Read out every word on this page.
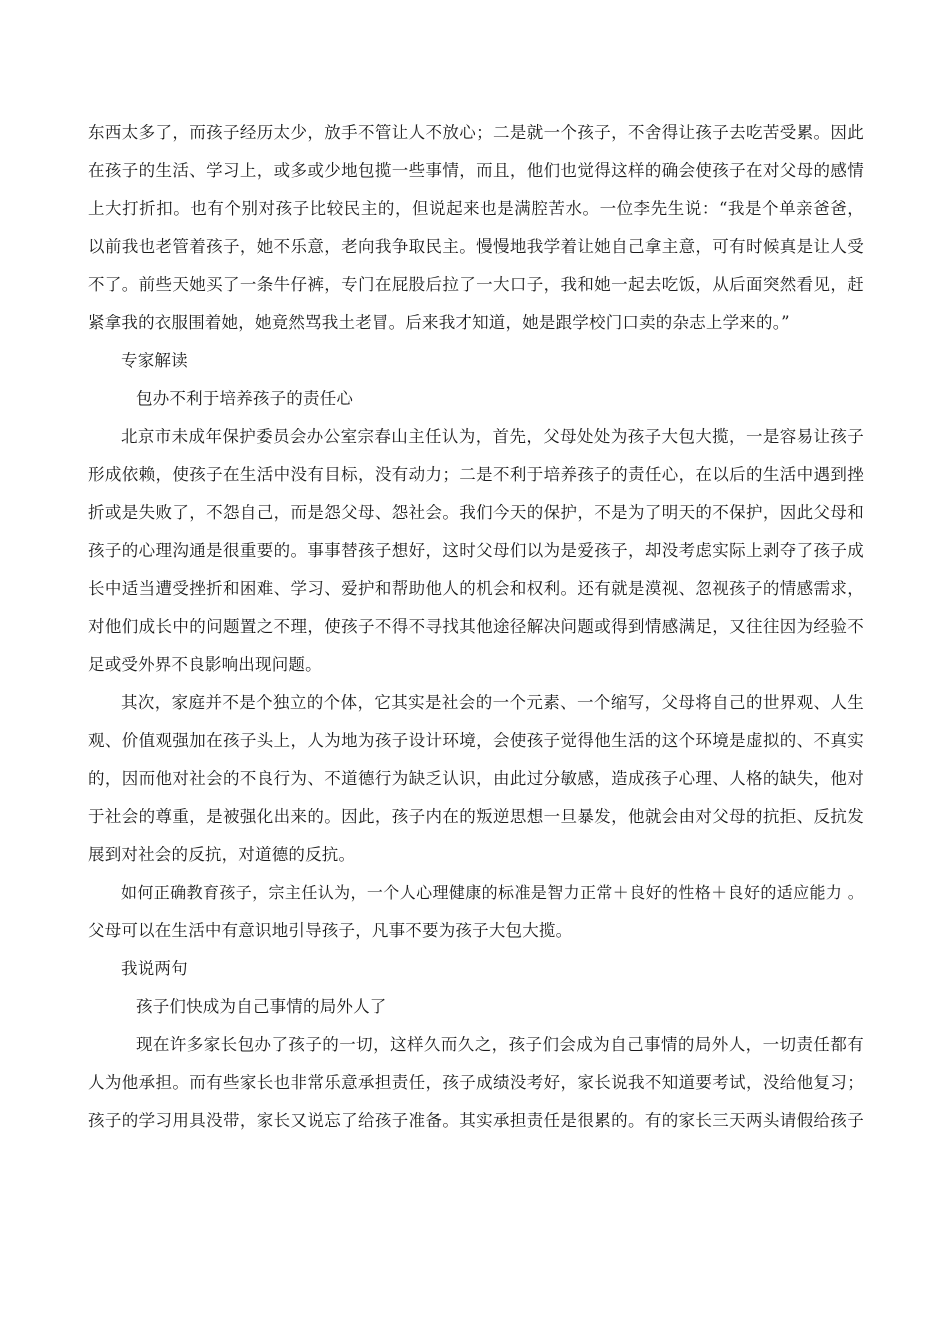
东西太多了，而孩子经历太少，放手不管让人不放心；二是就一个孩子，不舍得让孩子去吃苦受累。因此
在孩子的生活、学习上，或多或少地包揽一些事情，而且，他们也觉得这样的确会使孩子在对父母的感情
上大打折扣。也有个别对孩子比较民主的，但说起来也是满腔苦水。一位李先生说：“我是个单亲爸爸，
以前我也老管着孩子，她不乐意，老向我争取民主。慢慢地我学着让她自己拿主意，可有时候真是让人受
不了。前些天她买了一条牛仔裤，专门在屁股后拉了一大口子，我和她一起去吃饭，从后面突然看见，赶
紧拿我的衣服围着她，她竟然骂我土老冒。后来我才知道，她是跟学校门口卖的杂志上学来的。”
专家解读
包办不利于培养孩子的责任心
北京市未成年保护委员会办公室宗春山主任认为，首先，父母处处为孩子大包大揽，一是容易让孩子
形成依赖，使孩子在生活中没有目标，没有动力；二是不利于培养孩子的责任心，在以后的生活中遇到挫
折或是失败了，不怨自己，而是怨父母、怨社会。我们今天的保护，不是为了明天的不保护，因此父母和
孩子的心理沟通是很重要的。事事替孩子想好，这时父母们以为是爱孩子，却没考虑实际上剥夺了孩子成
长中适当遭受挫折和困难、学习、爱护和帮助他人的机会和权利。还有就是漠视、忽视孩子的情感需求，
对他们成长中的问题置之不理，使孩子不得不寻找其他途径解决问题或得到情感满足，又往往因为经验不
足或受外界不良影响出现问题。
其次，家庭并不是个独立的个体，它其实是社会的一个元素、一个缩写，父母将自己的世界观、人生
观、价值观强加在孩子头上，人为地为孩子设计环境，会使孩子觉得他生活的这个环境是虚拟的、不真实
的，因而他对社会的不良行为、不道德行为缺乏认识，由此过分敏感，造成孩子心理、人格的缺失，他对
于社会的尊重，是被强化出来的。因此，孩子内在的叛逆思想一旦暴发，他就会由对父母的抗拒、反抗发
展到对社会的反抗，对道德的反抗。
如何正确教育孩子，宗主任认为，一个人心理健康的标准是智力正常＋良好的性格＋良好的适应能力 。
父母可以在生活中有意识地引导孩子，凡事不要为孩子大包大揽。
我说两句
孩子们快成为自己事情的局外人了
现在许多家长包办了孩子的一切，这样久而久之，孩子们会成为自己事情的局外人，一切责任都有
人为他承担。而有些家长也非常乐意承担责任，孩子成绩没考好，家长说我不知道要考试，没给他复习；
孩子的学习用具没带，家长又说忘了给孩子准备。其实承担责任是很累的。有的家长三天两头请假给孩子
